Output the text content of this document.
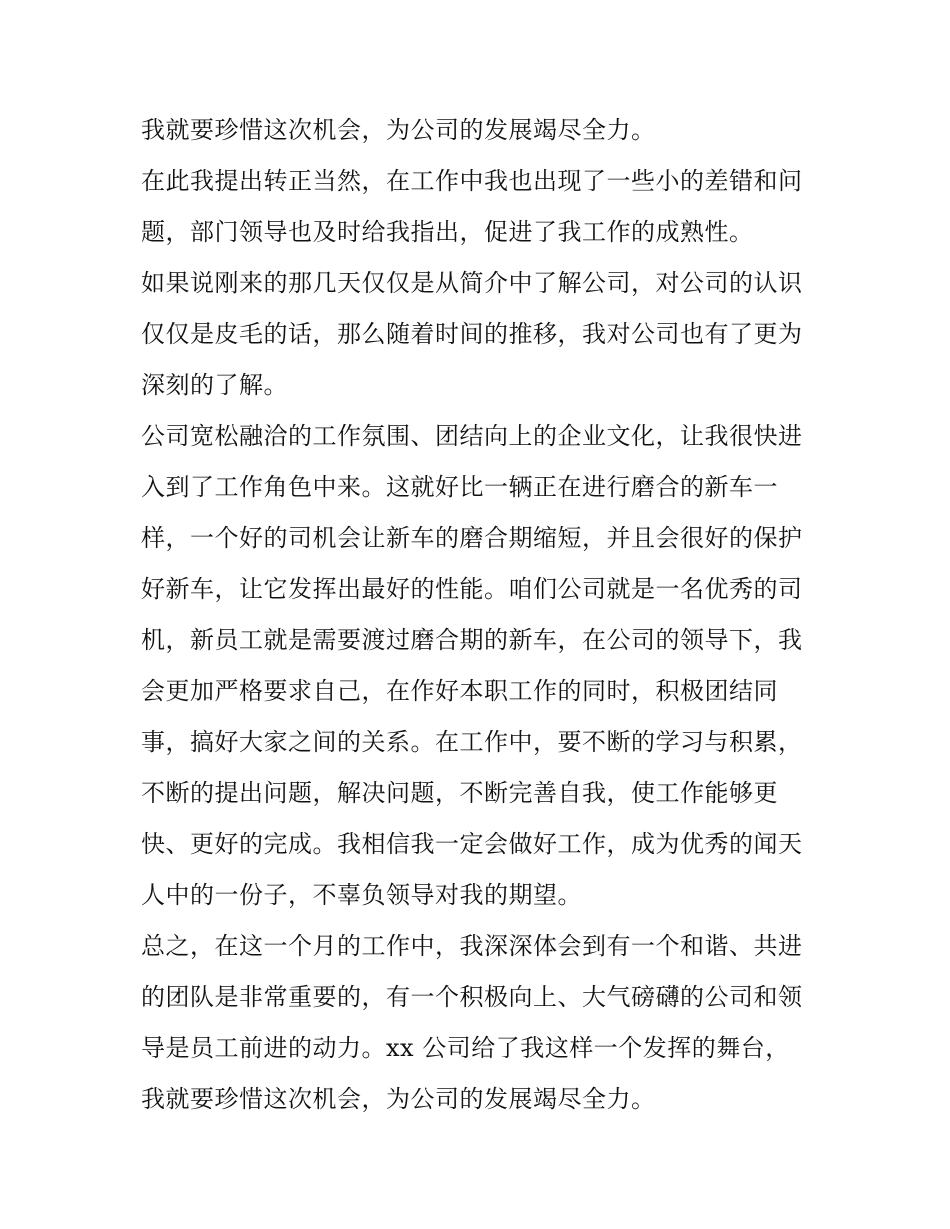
我就要珍惜这次机会，为公司的发展竭尽全力。
在此我提出转正当然，在工作中我也出现了一些小的差错和问
题，部门领导也及时给我指出，促进了我工作的成熟性。
如果说刚来的那几天仅仅是从简介中了解公司，对公司的认识
仅仅是皮毛的话，那么随着时间的推移，我对公司也有了更为
深刻的了解。
公司宽松融洽的工作氛围、团结向上的企业文化，让我很快进
入到了工作角色中来。这就好比一辆正在进行磨合的新车一
样，一个好的司机会让新车的磨合期缩短，并且会很好的保护
好新车，让它发挥出最好的性能。咱们公司就是一名优秀的司
机，新员工就是需要渡过磨合期的新车，在公司的领导下，我
会更加严格要求自己，在作好本职工作的同时，积极团结同
事，搞好大家之间的关系。在工作中，要不断的学习与积累，
不断的提出问题，解决问题，不断完善自我，使工作能够更
快、更好的完成。我相信我一定会做好工作，成为优秀的闻天
人中的一份子，不辜负领导对我的期望。
总之，在这一个月的工作中，我深深体会到有一个和谐、共进
的团队是非常重要的，有一个积极向上、大气磅礴的公司和领
导是员工前进的动力。xx 公司给了我这样一个发挥的舞台，
我就要珍惜这次机会，为公司的发展竭尽全力。
